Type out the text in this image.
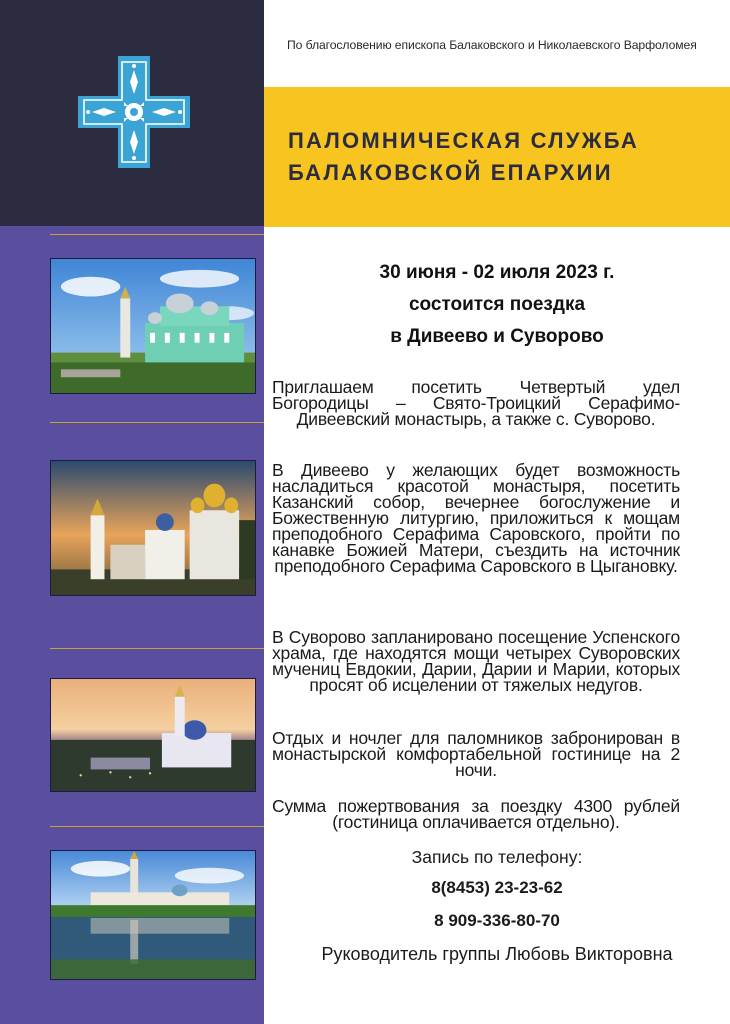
По благословению епископа Балаковского и Николаевского Варфоломея
ПАЛОМНИЧЕСКАЯ СЛУЖБА
БАЛАКОВСКОЙ ЕПАРХИИ
30 июня - 02 июля 2023 г.
состоится поездка
в Дивеево и Суворово
Приглашаем посетить Четвертый удел Богородицы – Свято-Троицкий Серафимо-Дивеевский монастырь, а также с. Суворово.
В Дивеево у желающих будет возможность насладиться красотой монастыря, посетить Казанский собор, вечернее богослужение и Божественную литургию, приложиться к мощам преподобного Серафима Саровского, пройти по канавке Божией Матери, съездить на источник преподобного Серафима Саровского в Цыгановку.
В Суворово запланировано посещение Успенского храма, где находятся мощи четырех Суворовских мучениц Евдокии, Дарии, Дарии и Марии, которых просят об исцелении от тяжелых недугов.
Отдых и ночлег для паломников забронирован в монастырской комфортабельной гостинице на 2 ночи.
Сумма пожертвования за поездку 4300 рублей (гостиница оплачивается отдельно).
Запись по телефону:
8(8453) 23-23-62
8 909-336-80-70
Руководитель группы Любовь Викторовна
